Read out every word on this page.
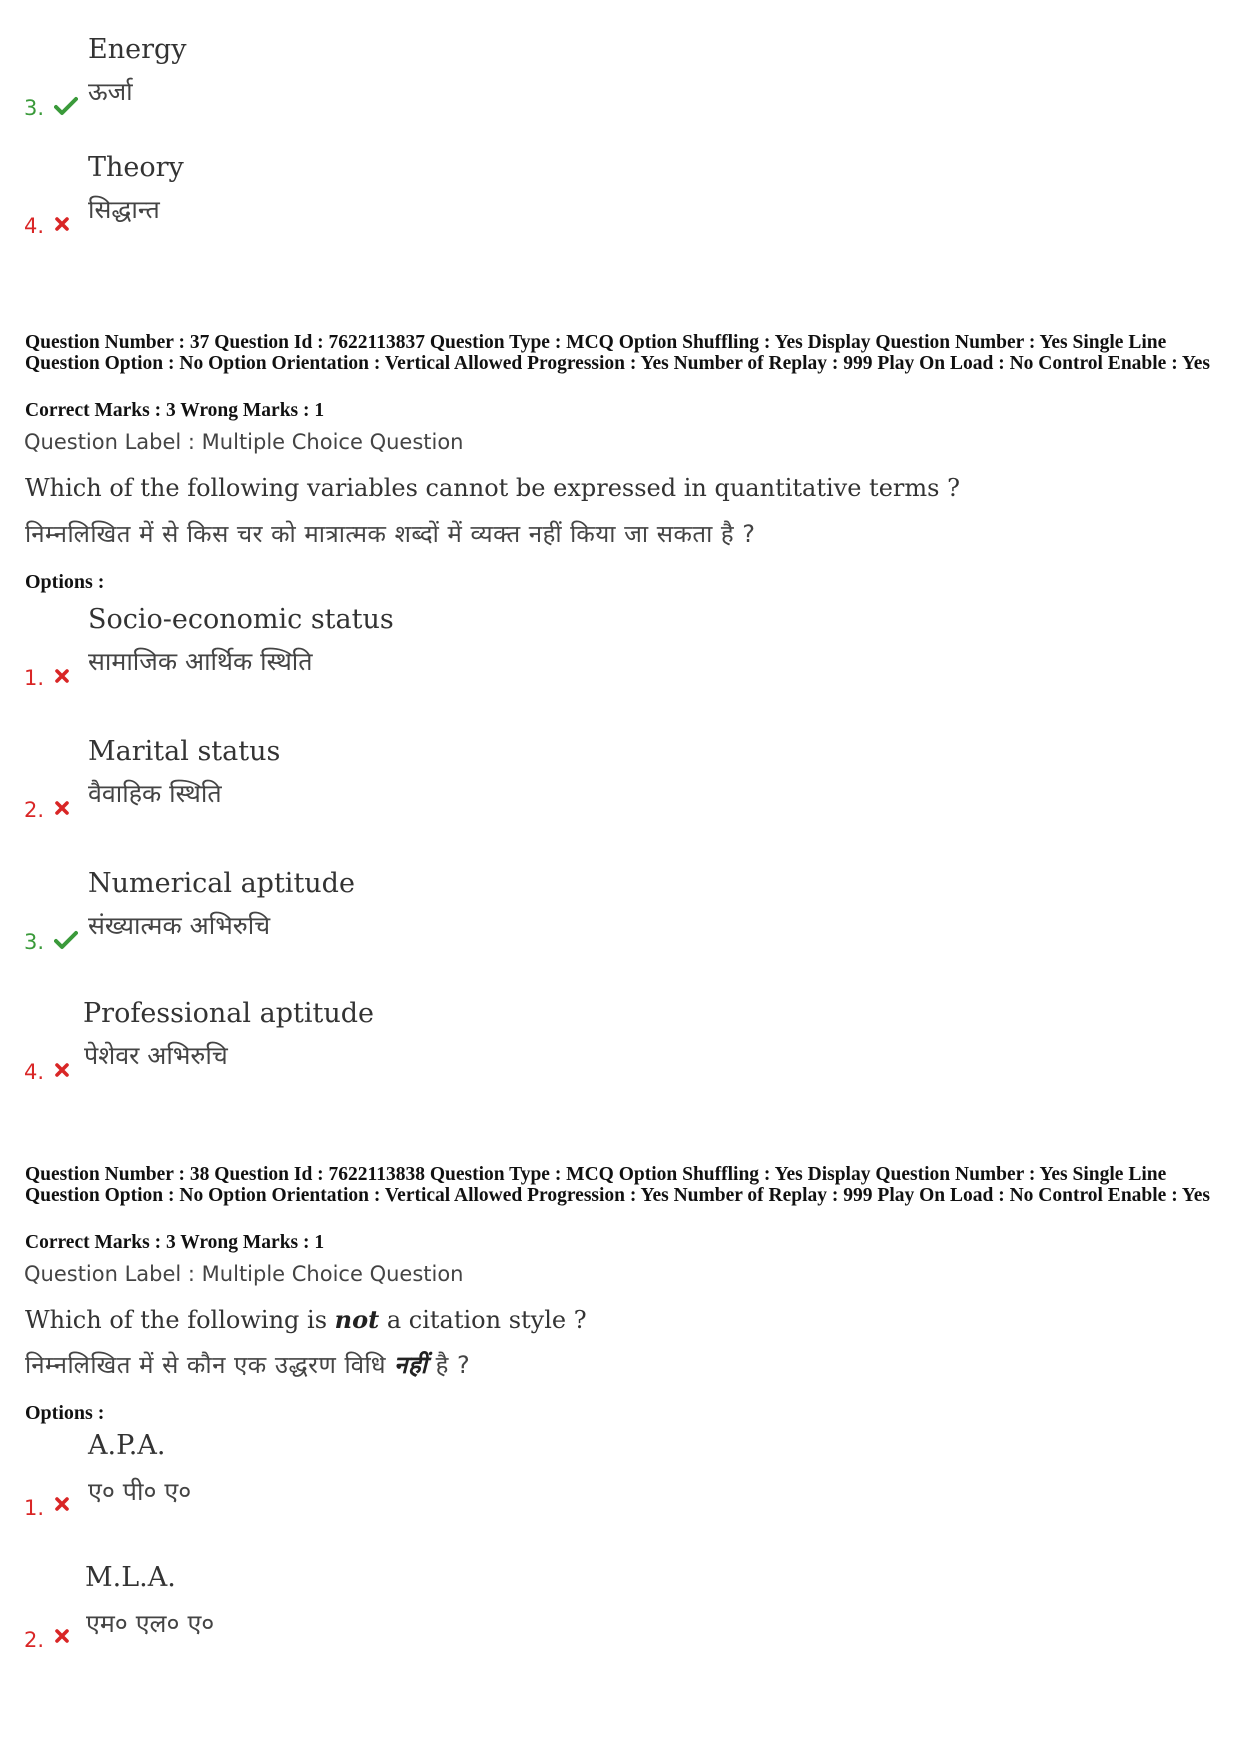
Energy
ऊर्जा
3.
Theory
सिद्धान्त
4.
Question Number : 37 Question Id : 7622113837 Question Type : MCQ Option Shuffling : Yes Display Question Number : Yes Single Line Question Option : No Option Orientation : Vertical Allowed Progression : Yes Number of Replay : 999 Play On Load : No Control Enable : Yes
Correct Marks : 3 Wrong Marks : 1
Question Label : Multiple Choice Question
Which of the following variables cannot be expressed in quantitative terms ?
निम्नलिखित में से किस चर को मात्रात्मक शब्दों में व्यक्त नहीं किया जा सकता है ?
Options :
Socio-economic status
सामाजिक आर्थिक स्थिति
1.
Marital status
वैवाहिक स्थिति
2.
Numerical aptitude
संख्यात्मक अभिरुचि
3.
Professional aptitude
पेशेवर अभिरुचि
4.
Question Number : 38 Question Id : 7622113838 Question Type : MCQ Option Shuffling : Yes Display Question Number : Yes Single Line Question Option : No Option Orientation : Vertical Allowed Progression : Yes Number of Replay : 999 Play On Load : No Control Enable : Yes
Correct Marks : 3 Wrong Marks : 1
Question Label : Multiple Choice Question
Which of the following is not a citation style ?
निम्नलिखित में से कौन एक उद्धरण विधि नहीं है ?
Options :
A.P.A.
ए० पी० ए०
1.
M.L.A.
एम० एल० ए०
2.
